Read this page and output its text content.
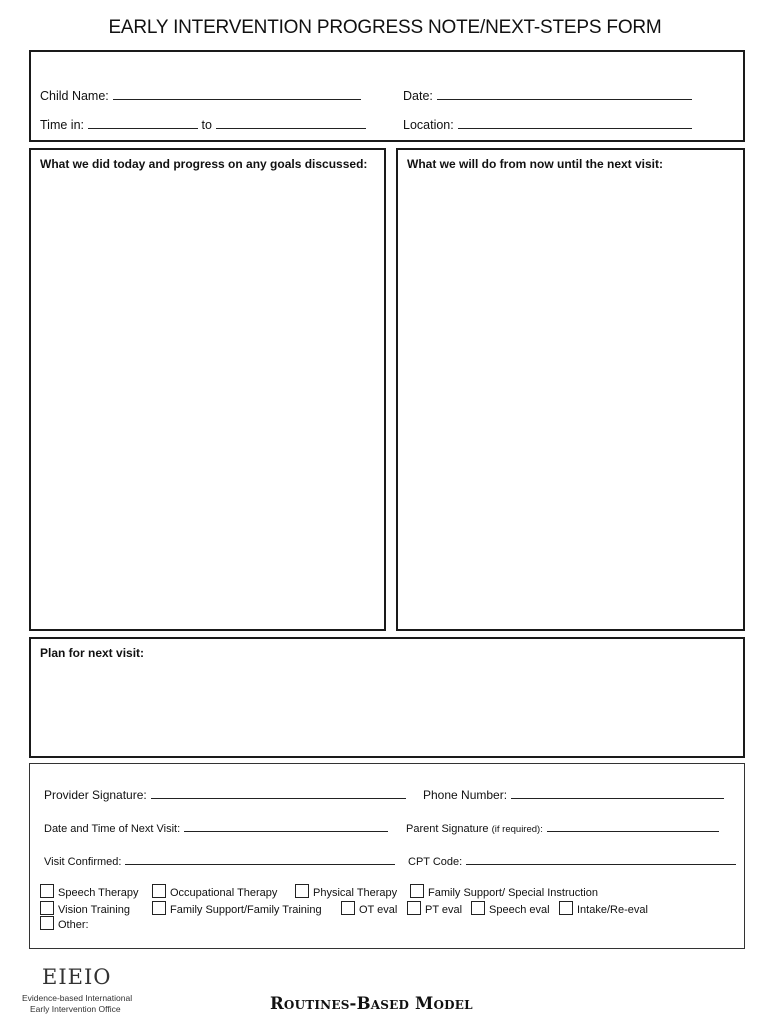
EARLY INTERVENTION PROGRESS NOTE/NEXT-STEPS FORM
Child Name:	Date:
Time in:	to	Location:
What we did today and progress on any goals discussed:	What we will do from now until the next visit:
Plan for next visit:
Provider Signature:	Phone Number:
Date and Time of Next Visit:	Parent Signature (if required):
Visit Confirmed:	CPT Code:
Speech Therapy	Occupational Therapy	Physical Therapy	Family Support/ Special Instruction
Vision Training	Family Support/Family Training	OT eval	PT eval	Speech eval	Intake/Re-eval
Other:
EIEIO
Evidence-based International
Early Intervention Office	Routines-Based Model
